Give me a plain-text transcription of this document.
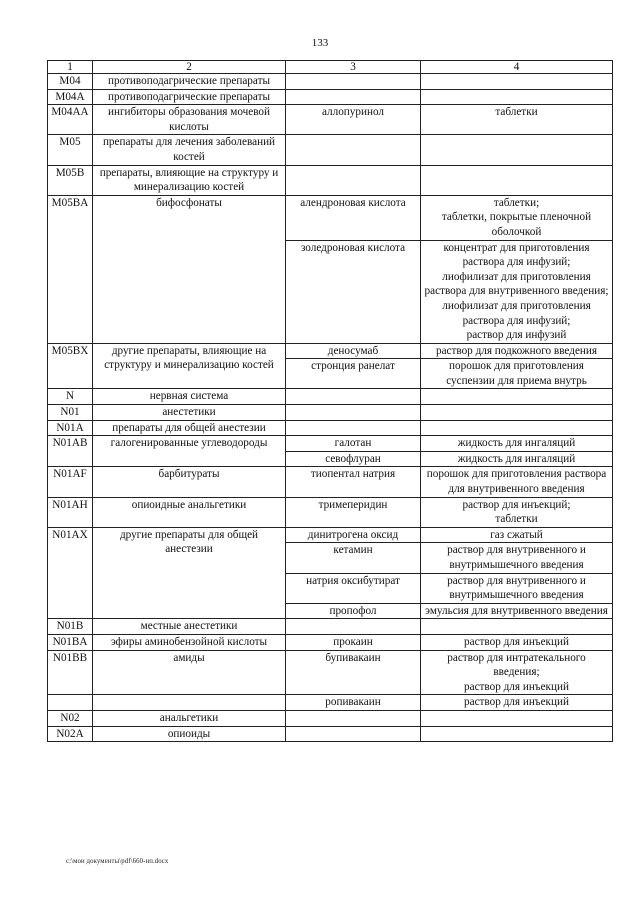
133
1	2	3	4
M04	противоподагрические препараты		
M04A	противоподагрические препараты		
M04AA	ингибиторы образования мочевой кислоты	аллопуринол	таблетки

M05	препараты для лечения заболеваний костей		
M05B	препараты, влияющие на структуру и минерализацию костей		
M05BA	бифосфонаты	алендроновая кислота	таблетки;
таблетки, покрытые пленочной оболочкой

		золедроновая кислота	концентрат для приготовления раствора для инфузий;
лиофилизат для приготовления раствора для внутривенного введения;
лиофилизат для приготовления раствора для инфузий;
раствор для инфузий

M05BX	другие препараты, влияющие на структуру и минерализацию костей	деносумаб	раствор для подкожного введения

		стронция ранелат	порошок для приготовления суспензии для приема внутрь

N	нервная система		
N01	анестетики		
N01A	препараты для общей анестезии		
N01AB	галогенированные углеводороды	галотан	жидкость для ингаляций

		севофлуран	жидкость для ингаляций

N01AF	барбитураты	тиопентал натрия	порошок для приготовления раствора для внутривенного введения

N01AH	опиоидные анальгетики	тримеперидин	раствор для инъекций;
таблетки

N01AX	другие препараты для общей анестезии	динитрогена оксид	газ сжатый

		кетамин	раствор для внутривенного и внутримышечного введения

		натрия оксибутират	раствор для внутривенного и внутримышечного введения

		пропофол	эмульсия для внутривенного введения

N01B	местные анестетики		
N01BA	эфиры аминобензойной кислоты	прокаин	раствор для инъекций

N01BB	амиды	бупивакаин	раствор для интратекального введения;
раствор для инъекций

		ропивакаин	раствор для инъекций

N02	анальгетики		
N02A	опиоиды		
c:\мои документы\pdf\660-нп.docx
